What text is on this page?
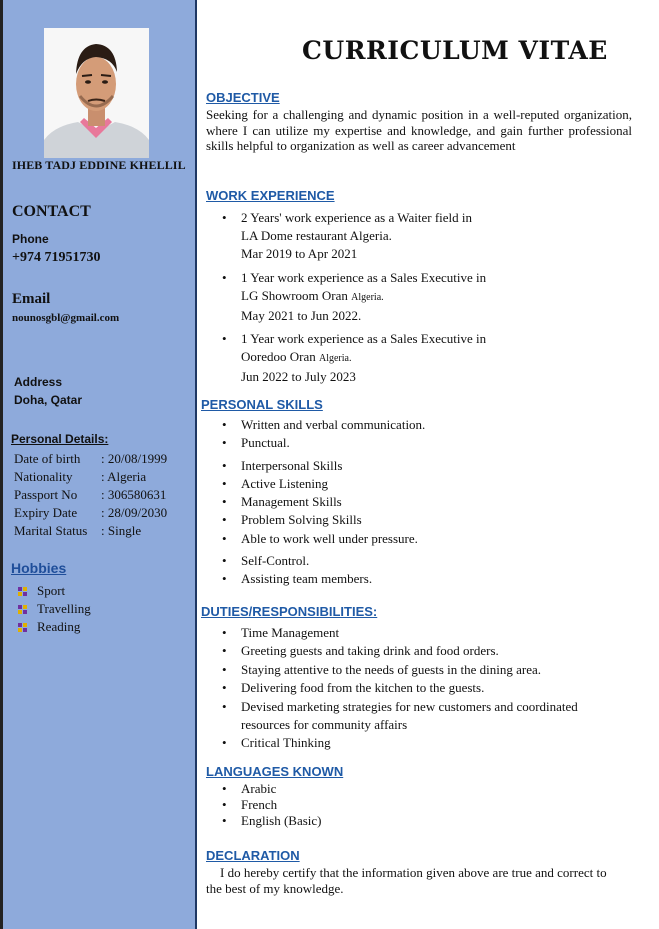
IHEB TADJ EDDINE KHELLIL
CONTACT
Phone
+974 71951730
Email
nounosgbl@gmail.com
Address
Doha, Qatar
Personal Details:
Date of birth	: 20/08/1999
Nationality	: Algeria
Passport No	: 306580631
Expiry Date	: 28/09/2030
Marital Status	: Single
Hobbies
Sport
Travelling
Reading
CURRICULUM VITAE
OBJECTIVE
Seeking for a challenging and dynamic position in a well-reputed organization, where I can utilize my expertise and knowledge, and gain further professional skills helpful to organization as well as career advancement
WORK EXPERIENCE
• 2 Years' work experience as a Waiter field in
LA Dome restaurant Algeria.
Mar 2019 to Apr 2021
• 1 Year work experience as a Sales Executive in
LG Showroom Oran Algeria.
May 2021 to Jun 2022.
• 1 Year work experience as a Sales Executive in
Ooredoo Oran Algeria.
Jun 2022 to July 2023
PERSONAL SKILLS
• Written and verbal communication.
• Punctual.
• Interpersonal Skills
• Active Listening
• Management Skills
• Problem Solving Skills
• Able to work well under pressure.
• Self-Control.
• Assisting team members.
DUTIES/RESPONSIBILITIES:
• Time Management
• Greeting guests and taking drink and food orders.
• Staying attentive to the needs of guests in the dining area.
• Delivering food from the kitchen to the guests.
• Devised marketing strategies for new customers and coordinated resources for community affairs
• Critical Thinking
LANGUAGES KNOWN
• Arabic
• French
• English (Basic)
DECLARATION
I do hereby certify that the information given above are true and correct to the best of my knowledge.
